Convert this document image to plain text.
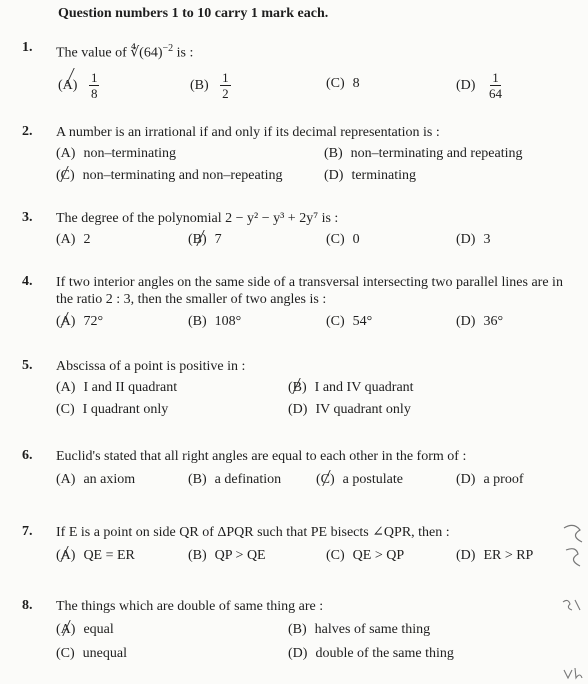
Question numbers 1 to 10 carry 1 mark each.
1. The value of $∜(64)^{-2}$ is :
$(A) \frac{1}{8}$	$(B) \frac{1}{2}$	(C) 8	$(D) \frac{1}{64}$
2. A number is an irrational if and only if its decimal representation is :
(A) non–terminating	(B) non–terminating and repeating
(C) non–terminating and non–repeating	(D) terminating
3. The degree of the polynomial 2 − y² − y³ + 2y⁷ is :
(A) 2	(B) 7	(C) 0	(D) 3
4. If two interior angles on the same side of a transversal intersecting two parallel lines are in the ratio 2 : 3, then the smaller of two angles is :
(A) 72°	(B) 108°	(C) 54°	(D) 36°
5. Abscissa of a point is positive in :
(A) I and II quadrant	(B) I and IV quadrant
(C) I quadrant only	(D) IV quadrant only
6. Euclid's stated that all right angles are equal to each other in the form of :
(A) an axiom	(B) a defination (C) a postulate	(D) a proof
7. If E is a point on side QR of ΔPQR such that PE bisects ∠QPR, then :
(A) QE = ER	(B) QP > QE	(C) QE > QP	(D) ER > RP
8. The things which are double of same thing are :
(A) equal	(B) halves of same thing
(C) unequal	(D) double of the same thing
